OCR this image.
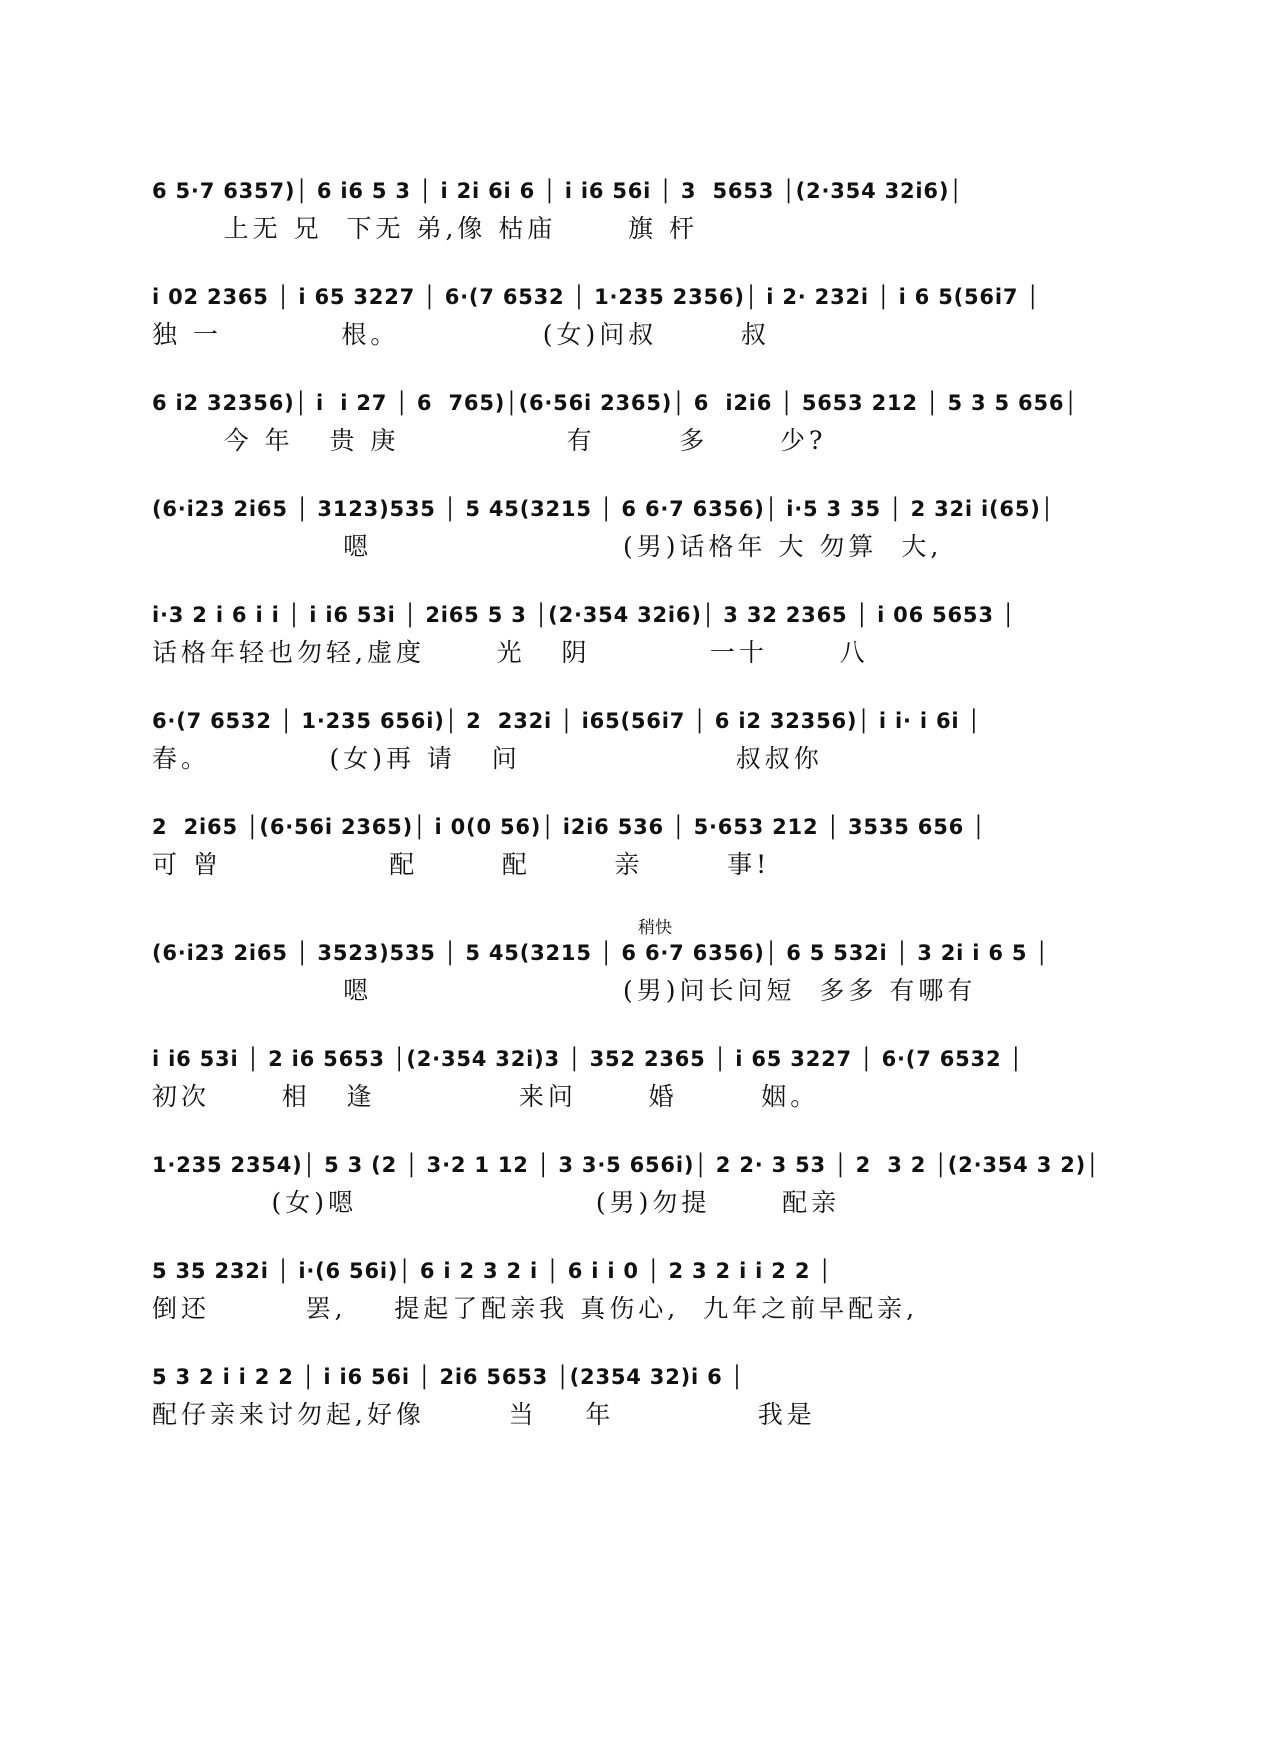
6 5·7 6357)│ 6 i6 5 3 │ i 2i 6i 6 │ i i6 56i │ 3  5653 │(2·354 32i6)│
上无 兄  下无 弟,像 枯庙      旗 杆
i 02 2365 │ i 65 3227 │ 6·(7 6532 │ 1·235 2356)│ i 2· 232i │ i 6 5(56i7 │
独 一          根。            (女)问叔       叔
6 i2 32356)│ i  i 27 │ 6  765)│(6·56i 2365)│ 6  i2i6 │ 5653 212 │ 5 3 5 656│
今 年   贵 庚              有       多      少?
(6·i23 2i65 │ 3123)535 │ 5 45(3215 │ 6 6·7 6356)│ i·5 3 35 │ 2 32i i(65)│
嗯                     (男)话格年 大 勿算  大,
i·3 2 i 6 i i │ i i6 53i │ 2i65 5 3 │(2·354 32i6)│ 3 32 2365 │ i 06 5653 │
话格年轻也勿轻,虚度      光   阴          一十      八
6·(7 6532 │ 1·235 656i)│ 2  232i │ i65(56i7 │ 6 i2 32356)│ i i· i 6i │
春。          (女)再 请   问                  叔叔你
2  2i65 │(6·56i 2365)│ i 0(0 56)│ i2i6 536 │ 5·653 212 │ 3535 656 │
可 曾              配       配       亲       事!
稍快
(6·i23 2i65 │ 3523)535 │ 5 45(3215 │ 6 6·7 6356)│ 6 5 532i │ 3 2i i 6 5 │
嗯                     (男)问长问短  多多 有哪有
i i6 53i │ 2 i6 5653 │(2·354 32i)3 │ 352 2365 │ i 65 3227 │ 6·(7 6532 │
初次      相   逢            来问      婚       姻。
1·235 2354)│ 5 3 (2 │ 3·2 1 12 │ 3 3·5 656i)│ 2 2· 3 53 │ 2  3 2 │(2·354 3 2)│
(女)嗯                    (男)勿提      配亲
5 35 232i │ i·(6 56i)│ 6 i 2 3 2 i │ 6 i i 0 │ 2 3 2 i i 2 2 │
倒还        罢,    提起了配亲我 真伤心,  九年之前早配亲,
5 3 2 i i 2 2 │ i i6 56i │ 2i6 5653 │(2354 32)i 6 │
配仔亲来讨勿起,好像       当    年            我是
